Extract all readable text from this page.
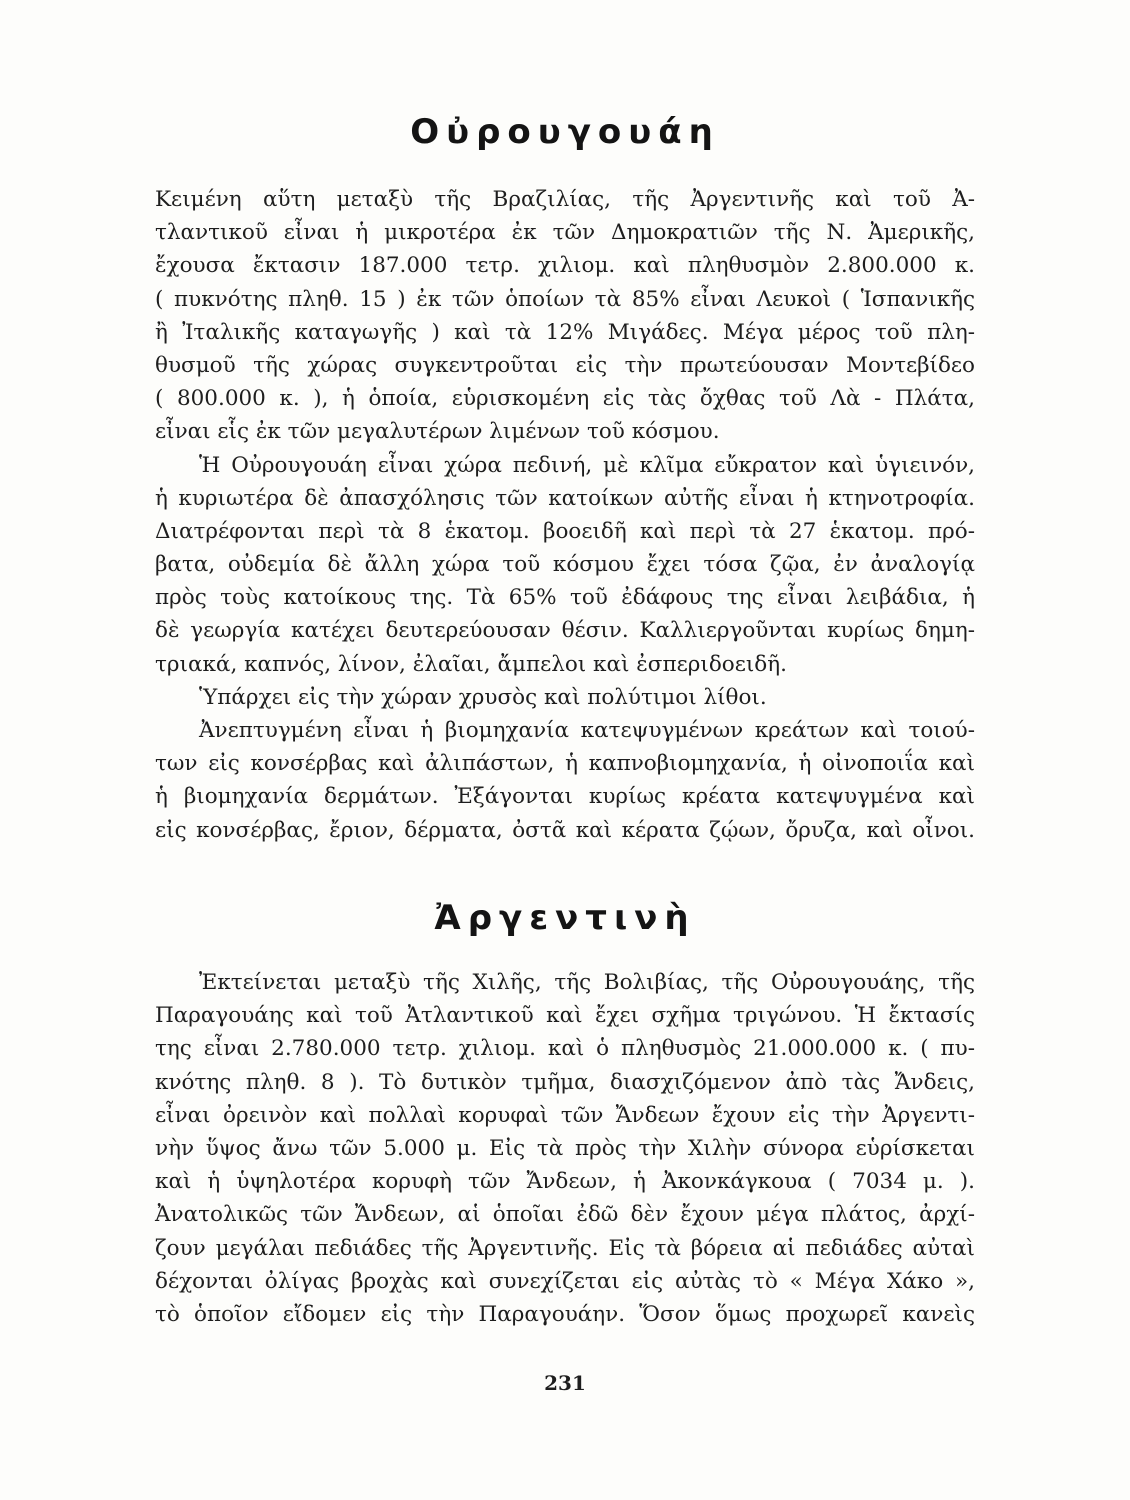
Οὐρουγουάη
Κειμένη αὕτη μεταξὺ τῆς Βραζιλίας, τῆς Ἀργεντινῆς καὶ τοῦ Ἀ-
τλαντικοῦ εἶναι ἡ μικροτέρα ἐκ τῶν Δημοκρατιῶν τῆς Ν. Ἀμερικῆς,
ἔχουσα ἔκτασιν 187.000 τετρ. χιλιομ. καὶ πληθυσμὸν 2.800.000 κ.
( πυκνότης πληθ. 15 ) ἐκ τῶν ὁποίων τὰ 85% εἶναι Λευκοὶ ( Ἱσπανικῆς
ἢ Ἰταλικῆς καταγωγῆς ) καὶ τὰ 12% Μιγάδες. Μέγα μέρος τοῦ πλη-
θυσμοῦ τῆς χώρας συγκεντροῦται εἰς τὴν πρωτεύουσαν Μοντεβίδεο
( 800.000 κ. ), ἡ ὁποία, εὑρισκομένη εἰς τὰς ὄχθας τοῦ Λὰ - Πλάτα,
εἶναι εἷς ἐκ τῶν μεγαλυτέρων λιμένων τοῦ κόσμου.
Ἡ Οὐρουγουάη εἶναι χώρα πεδινή, μὲ κλῖμα εὔκρατον καὶ ὑγιεινόν,
ἡ κυριωτέρα δὲ ἀπασχόλησις τῶν κατοίκων αὐτῆς εἶναι ἡ κτηνοτροφία.
Διατρέφονται περὶ τὰ 8 ἑκατομ. βοοειδῆ καὶ περὶ τὰ 27 ἑκατομ. πρό-
βατα, οὐδεμία δὲ ἄλλη χώρα τοῦ κόσμου ἔχει τόσα ζῷα, ἐν ἀναλογίᾳ
πρὸς τοὺς κατοίκους της. Τὰ 65% τοῦ ἐδάφους της εἶναι λειβάδια, ἡ
δὲ γεωργία κατέχει δευτερεύουσαν θέσιν. Καλλιεργοῦνται κυρίως δημη-
τριακά, καπνός, λίνον, ἐλαῖαι, ἄμπελοι καὶ ἐσπεριδοειδῆ.
Ὑπάρχει εἰς τὴν χώραν χρυσὸς καὶ πολύτιμοι λίθοι.
Ἀνεπτυγμένη εἶναι ἡ βιομηχανία κατεψυγμένων κρεάτων καὶ τοιού-
των εἰς κονσέρβας καὶ ἀλιπάστων, ἡ καπνοβιομηχανία, ἡ οἰνοποιΐα καὶ
ἡ βιομηχανία δερμάτων. Ἐξάγονται κυρίως κρέατα κατεψυγμένα καὶ
εἰς κονσέρβας, ἔριον, δέρματα, ὀστᾶ καὶ κέρατα ζῴων, ὄρυζα, καὶ οἶνοι.
Ἀργεντινὴ
Ἐκτείνεται μεταξὺ τῆς Χιλῆς, τῆς Βολιβίας, τῆς Οὐρουγουάης, τῆς
Παραγουάης καὶ τοῦ Ἀτλαντικοῦ καὶ ἔχει σχῆμα τριγώνου. Ἡ ἔκτασίς
της εἶναι 2.780.000 τετρ. χιλιομ. καὶ ὁ πληθυσμὸς 21.000.000 κ. ( πυ-
κνότης πληθ. 8 ). Τὸ δυτικὸν τμῆμα, διασχιζόμενον ἀπὸ τὰς Ἄνδεις,
εἶναι ὀρεινὸν καὶ πολλαὶ κορυφαὶ τῶν Ἄνδεων ἔχουν εἰς τὴν Ἀργεντι-
νὴν ὕψος ἄνω τῶν 5.000 μ. Εἰς τὰ πρὸς τὴν Χιλὴν σύνορα εὑρίσκεται
καὶ ἡ ὑψηλοτέρα κορυφὴ τῶν Ἄνδεων, ἡ Ἀκονκάγκουα ( 7034 μ. ).
Ἀνατολικῶς τῶν Ἄνδεων, αἱ ὁποῖαι ἐδῶ δὲν ἔχουν μέγα πλάτος, ἀρχί-
ζουν μεγάλαι πεδιάδες τῆς Ἀργεντινῆς. Εἰς τὰ βόρεια αἱ πεδιάδες αὐταὶ
δέχονται ὀλίγας βροχὰς καὶ συνεχίζεται εἰς αὐτὰς τὸ « Μέγα Χάκο »,
τὸ ὁποῖον εἴδομεν εἰς τὴν Παραγουάην. Ὅσον ὅμως προχωρεῖ κανεὶς
231
